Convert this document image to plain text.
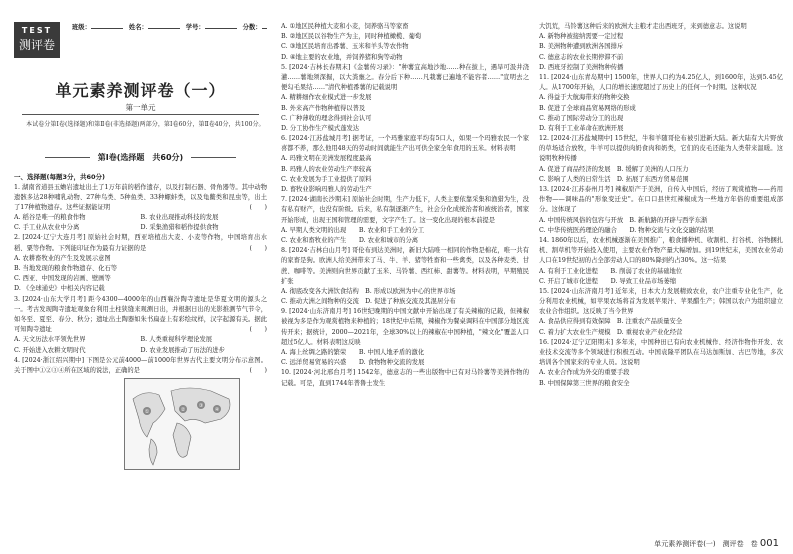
TEST
测评卷
班级：	姓名：	学号：	分数：
单元素养测评卷（一）
第一单元
本试卷分第Ⅰ卷(选择题)和第Ⅱ卷(非选择题)两部分，第Ⅰ卷60分，第Ⅱ卷40分，共100分。
第Ⅰ卷(选择题　共60分)
一、选择题(每题3分，共60分)

1. 湖南省道县玉蟾岩遗址出土了1万年前的稻作遗存，以及打制石器、骨角器等。其中动物遗骸多达28种哺乳动物、27种鸟类、5种鱼类、33种螺蚌类，以及龟鳖类和昆虫等，出土了17种植物遗存。这些证据能证明	(　　)

A. 稻谷是唯一的粮食作物	B. 农业出现推动科技的发展
C. 手工业从农业中分离	D. 采集渔猎和稻作提供食物

2. [2024·辽宁大连月考] 原始社会时期，西亚培植出大麦、小麦等作物，中国培育出水稻、粟等作物。下列能印证作为最有力证据的是	(　　)

A. 农耕畜牧业的产生及发展示意图
B. 当地发现的粮食作物遗存、化石等
C. 西亚、中国发现的岩画、壁画等
D. 《全球通史》中相关内容记载

3. [2024·山东大学月考] 距今4300—4000年的山西襄汾陶寺遗址是华夏文明的源头之一。考古发现陶寺遗址观象台利用土柱狭缝来观测日出，并根据日出的光影推测节气节令，如冬至、夏至、春分、秋分；遗址出土陶器如朱书扁壶上有彩绘纹样，汉字起源有关。据此可知陶寺遗址	(　　)

A. 天文历法水平领先世界	B. 人类重视科学理论发展
C. 开始进入农耕文明时代	D. 农业发展推动了历法的进步

4. [2024·浙江绍兴期中] 下图是公元前4000—前1000年世界古代主要文明分布示意图。关于图中①②③④所在区域的说法，正确的是	(　　)

①	②
③
④

A. ①地区民种植大麦和小麦，饲养骆马等家畜

B. ②地区民以谷物生产为主，同时种植橄榄、葡萄

C. ③地区民培育出番薯、玉米和羊头等农作物

D. ④地主要的农业地，并饲养猪和狗等动物

5. [2024·吉林长春期末]《金薯传习录》："种薯宜高地沙地……种在拔上，遇旱可汲井浇灌……薯地须深掘，以大粪壅之。春分后下种……凡栽薯已遍地不能容者……"宣明去之便勾毛果结……"清代种植番薯的记载说明

A. 精耕细作农业模式进一步发展

B. 外来高产作物种植得以普及

C. 广种薄收的理念得到社会认可

D. 分工协作生产模式蓬发达

6. [2024·江苏盐城月考] 据考证，一个玛雅家庭平均有5口人，如果一个玛雅农民一个家喜都不养，那么他用48天的劳动时间就能生产出可供全家全年食用的玉米。材料表明

A. 玛雅文明在美洲发展程度最高

B. 玛雅人的农业劳动生产率较高

C. 农业发展为手工业提供了原料

D. 畜牧业影响玛雅人的劳动生产

7. [2024·湖南长沙期末] 原始社会时期，生产力低下，人类主要依靠采集和渔猎为生，没有私有财产，也没有阶级。后来，私有制逐渐产生，社会分化成统治者和被统治者，国家开始形成，出现王国和管理的需要，文字产生了。这一变化出现的根本前提是

A. 早期人类文明的出现　　B. 农业和手工业的分工

C. 农业和畜牧业的产生　　D. 农业和城市的分离

8. [2024·吉林白山月考] 哥伦布到达美洲时，新旧大陆唯一相同的作物是棉花，唯一共有的家畜是狗。欧洲人给美洲带来了马、牛、羊、猪等牲畜和一些禽类，以及各种麦类、甘蔗、咖啡等。美洲则向世界贡献了玉米、马铃薯、西红柿、甜薯等。材料表明，早期殖民扩张

A. 彻底改变各大洲饮食结构　B. 形成以欧洲为中心的世界市场

C. 推动大洲之间物种的交流　D. 促进了种族交流及其混居分布

9. [2024·山东济南月考] 16世纪晚期的中国文献中开始出现了有关辣椒的记载，但辣椒被视为多是作为观赏植物来种植的；18世纪中后期，辣椒作为餐桌调料在中国部分地区流传开来；据统计，2000—2021年，全球30%以上的辣椒在中国种植，"辣文化"覆盖人口超过5亿人。材料表明这反映

A. 海上丝绸之路的繁荣　　B. 中国人地矛盾的激化

C. 远洋贸易贸易的兴盛　　D. 食物物种交流的发展

10. [2024·河北邢台月考] 1542年，德意志的一些出版物中已有对马铃薯等美洲作物的记载。可是，直到1744年普鲁士发生

大饥荒，马铃薯这种后来的欧洲大主粮才走出西班牙，来到德意志。这说明

A. 新物种被接纳需要一定过程

B. 美洲物种遭到欧洲各国排斥

C. 德意志的农业长期停滞不前

D. 西班牙控制了美洲物种传播

11. [2024·山东青岛期中] 1500年，世界人口约为4.25亿人，到1600年，达到5.45亿人。从1700年开始，人口的增长速度超过了历史上的任何一个时期。这种状况

A. 得益于大航海带来的物种交换

B. 促进了全球商品贸易网络的形成

C. 推动了国际劳动分工的出现

D. 有利于工业革命在欧洲开展

12. [2024·江苏盐城期中] 15世纪，牛和羊随哥伦布被引进新大陆。新大陆有大片野放的草场适合放牧，牛羊可以提供肉奶食肉和奶类，它们的皮毛还能为人类带来温暖。这说明牧种传播

A. 促进了商品经济的发展　B. 缓解了美洲的人口压力

C. 影响了人类的日常生活　D. 拓展了东西方贸易范围

13. [2024·江苏泰州月考] 辣椒原产于美洲，自传入中国后，经历了观赏植物——药用作物——调味品的"形象变迁史"。在口口县世红辣椒成为一些地方年俗的重要组成部分。这体现了

A. 中国传统风俗的包容与开放　B. 新航路的开辟与西学东渐

C. 中华传统医药理论的融合　　D. 物种交流与文化交融的结果

14. 1860年以后，农业机械逐渐在美国推广，粮食播种机、收割机、打谷机、谷物捆扎机、割草机等开始投入使用，主要农业作物产量大幅增加。到19世纪末，美国农业劳动人口在19世纪初的占全部劳动人口的80%降到约占30%。这一结果

A. 有利于工业化进程　　B. 削弱了农业的基础地位

C. 开启了城市化进程　　D. 导致工业品市场萎缩

15. [2024·山东济南月考] 近年来，日本大力发展精致农业，农户注重专业化生产，化分利用农业机械，如苹果农场将首为发展苹果汁、苹果醋生产；韩国以农户为组织建立农业合作组织。这反映了当今世界

A. 食品供应得到有效保障　B. 注重农产品质量安全

C. 着力扩大农业生产规模　D. 重视农业产业化经营

16. [2024·辽宁辽阳期末] 多年来，中国种田已有向农业机械作、经济作物作开发、农业技术交流等多个领域进行积极互动。中国袁隆平团队在马达加斯加、古巴等地，多次培训各个国家来的专业人员。这说明

A. 农业合作成为外交的重要手段

B. 中国保障第三世界的粮食安全

单元素养测评卷(一)　测评卷　 卷 001
